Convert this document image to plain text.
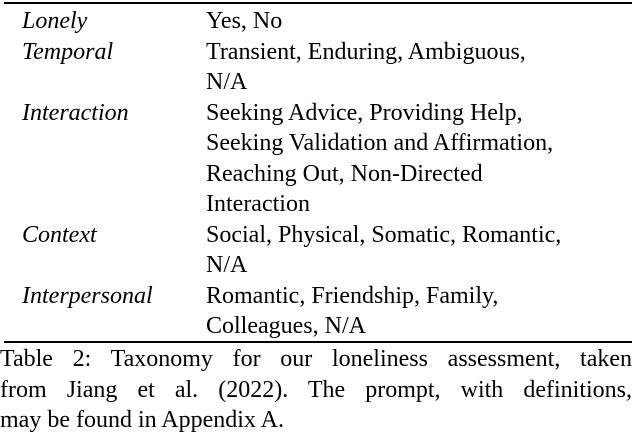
Lonely	Yes, No
Temporal	Transient, Enduring, Ambiguous,
N/A
Interaction	Seeking Advice, Providing Help,
Seeking Validation and Affirmation,
Reaching Out, Non-Directed
Interaction
Context	Social, Physical, Somatic, Romantic,
N/A
Interpersonal	Romantic, Friendship, Family,
Colleagues, N/A
Table 2: Taxonomy for our loneliness assessment, taken
from Jiang et al. (2022). The prompt, with definitions,
may be found in Appendix A.
